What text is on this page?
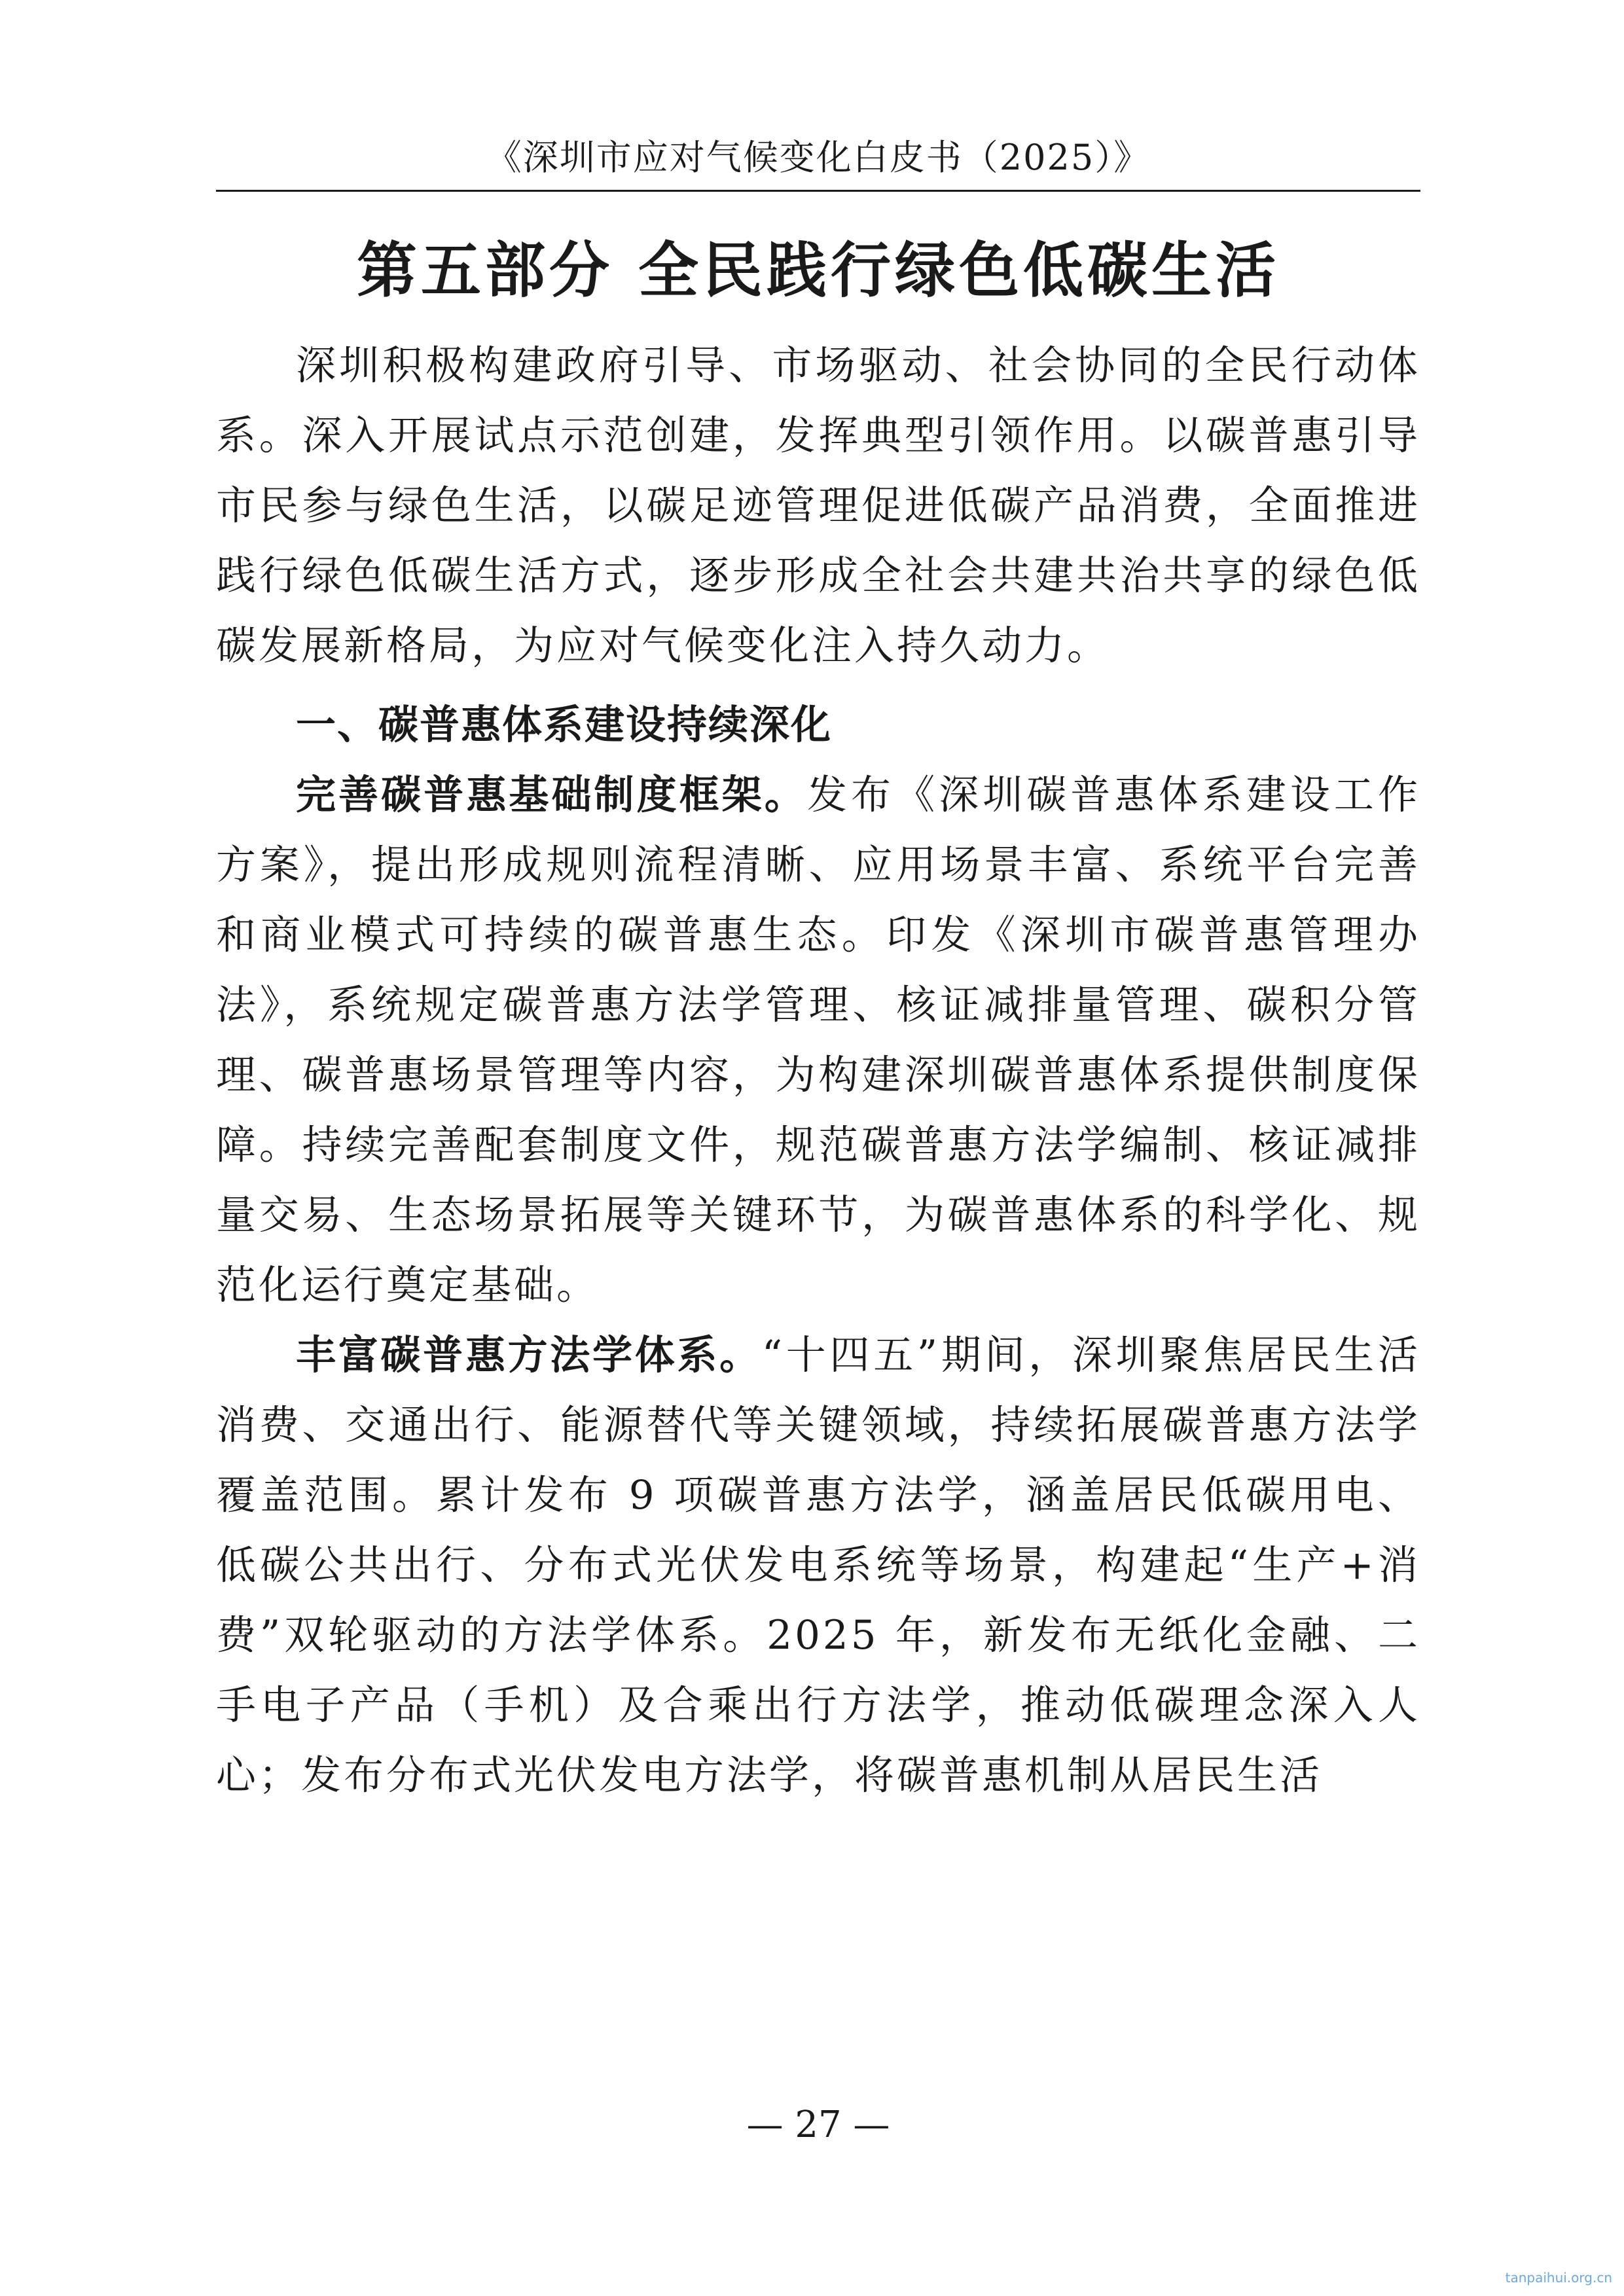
《深圳市应对气候变化白皮书（2025）》
第五部分 全民践行绿色低碳生活

深圳积极构建政府引导、市场驱动、社会协同的全民行动体系。深入开展试点示范创建，发挥典型引领作用。以碳普惠引导市民参与绿色生活，以碳足迹管理促进低碳产品消费，全面推进践行绿色低碳生活方式，逐步形成全社会共建共治共享的绿色低碳发展新格局，为应对气候变化注入持久动力。

一、碳普惠体系建设持续深化

完善碳普惠基础制度框架。发布《深圳碳普惠体系建设工作方案》，提出形成规则流程清晰、应用场景丰富、系统平台完善和商业模式可持续的碳普惠生态。印发《深圳市碳普惠管理办法》，系统规定碳普惠方法学管理、核证减排量管理、碳积分管理、碳普惠场景管理等内容，为构建深圳碳普惠体系提供制度保障。持续完善配套制度文件，规范碳普惠方法学编制、核证减排量交易、生态场景拓展等关键环节，为碳普惠体系的科学化、规范化运行奠定基础。

丰富碳普惠方法学体系。“十四五”期间，深圳聚焦居民生活消费、交通出行、能源替代等关键领域，持续拓展碳普惠方法学覆盖范围。累计发布 9 项碳普惠方法学，涵盖居民低碳用电、低碳公共出行、分布式光伏发电系统等场景，构建起“生产+消费”双轮驱动的方法学体系。2025 年，新发布无纸化金融、二手电子产品（手机）及合乘出行方法学，推动低碳理念深入人心；发布分布式光伏发电方法学，将碳普惠机制从居民生活

— 27 —
tanpaihui.org.cn
